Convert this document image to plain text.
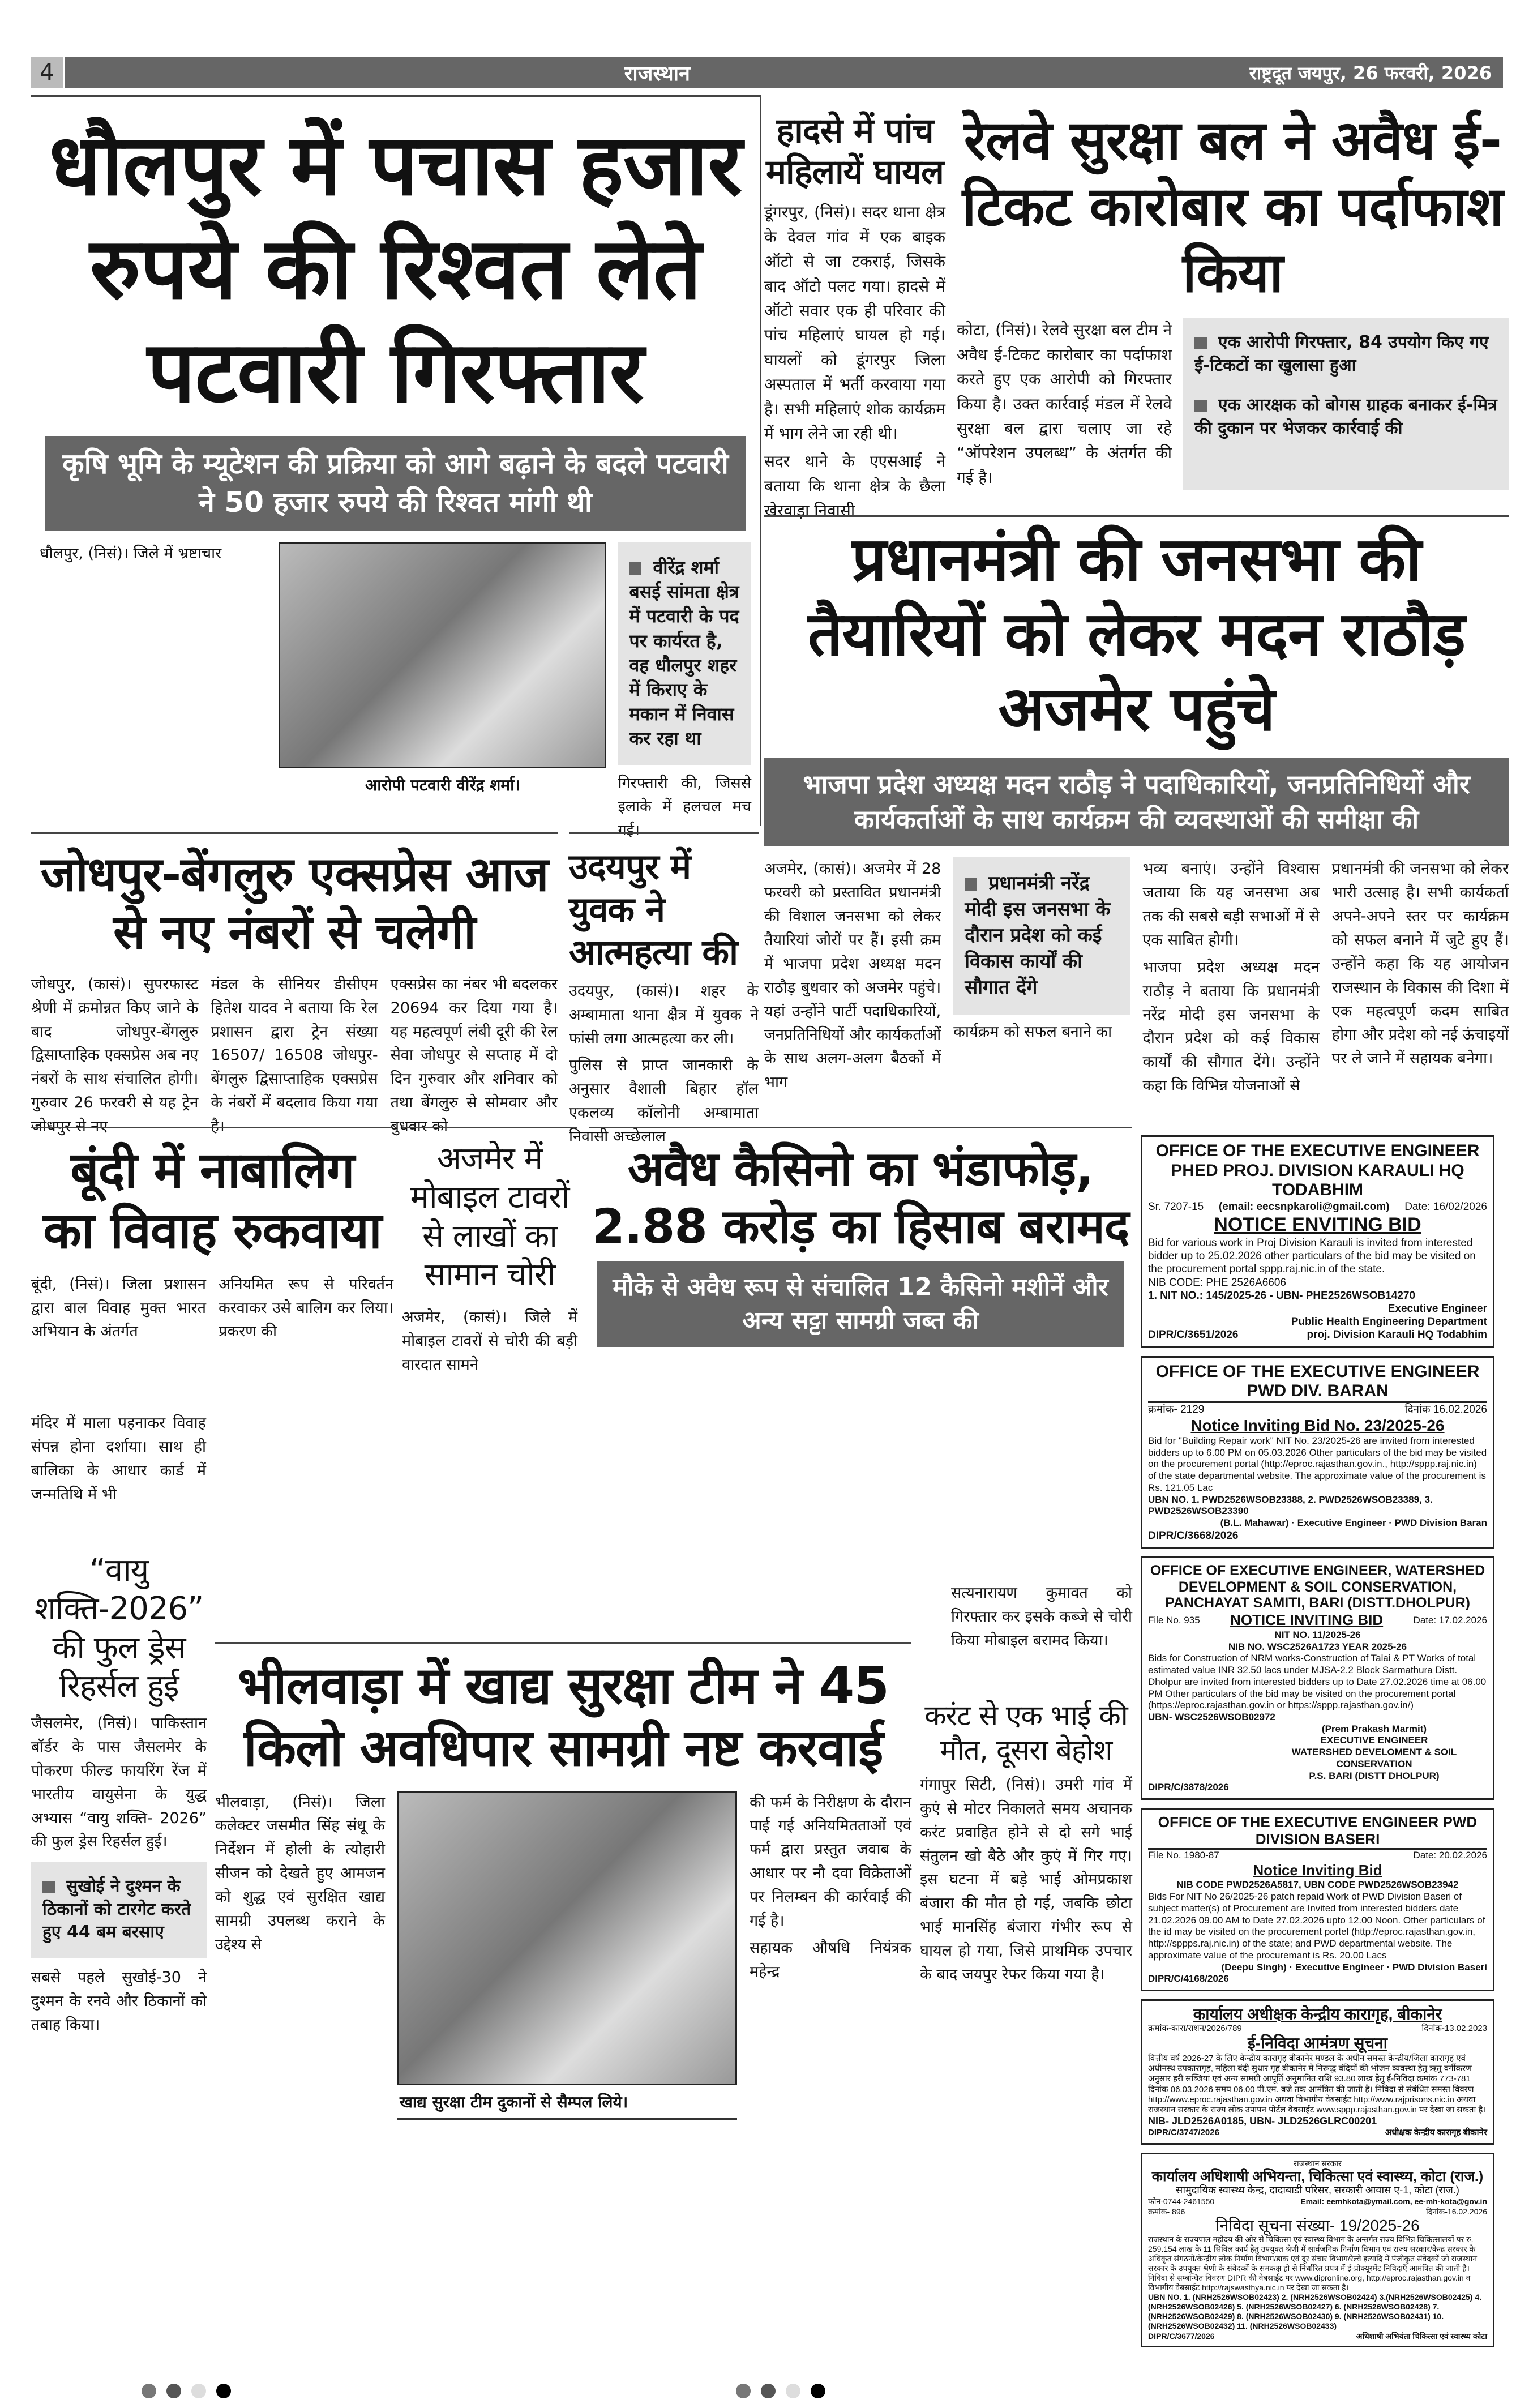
4	राजस्थान	राष्ट्रदूत जयपुर, 26 फरवरी, 2026
धौलपुर में पचास हजार रुपये की रिश्वत लेते पटवारी गिरफ्तार
कृषि भूमि के म्यूटेशन की प्रक्रिया को आगे बढ़ाने के बदले पटवारी ने 50 हजार रुपये की रिश्वत मांगी थी

धौलपुर, (निसं)। जिले में भ्रष्टाचार

आरोपी पटवारी वीरेंद्र शर्मा।
वीरेंद्र शर्मा बसई सांमता क्षेत्र में पटवारी के पद पर कार्यरत है, वह धौलपुर शहर में किराए के मकान में निवास कर रहा था
गिरफ्तारी की, जिससे इलाके में हलचल मच गई।
हादसे में पांच महिलायें घायल

डूंगरपुर, (निसं)। सदर थाना क्षेत्र के देवल गांव में एक बाइक ऑटो से जा टकराई, जिसके बाद ऑटो पलट गया। हादसे में ऑटो सवार एक ही परिवार की पांच महिलाएं घायल हो गई। घायलों को डूंगरपुर जिला अस्पताल में भर्ती करवाया गया है। सभी महिलाएं शोक कार्यक्रम में भाग लेने जा रही थी।

सदर थाने के एएसआई ने बताया कि थाना क्षेत्र के छैला खेरवाड़ा निवासी

रेलवे सुरक्षा बल ने अवैध ई-टिकट कारोबार का पर्दाफाश किया
कोटा, (निसं)। रेलवे सुरक्षा बल टीम ने अवैध ई-टिकट कारोबार का पर्दाफाश करते हुए एक आरोपी को गिरफ्तार किया है। उक्त कार्रवाई मंडल में रेलवे सुरक्षा बल द्वारा चलाए जा रहे “ऑपरेशन उपलब्ध” के अंतर्गत की गई है।

एक आरोपी गिरफ्तार, 84 उपयोग किए गए ई-टिकटों का खुलासा हुआ

एक आरक्षक को बोगस ग्राहक बनाकर ई-मित्र की दुकान पर भेजकर कार्रवाई की

प्रधानमंत्री की जनसभा की तैयारियों को लेकर मदन राठौड़ अजमेर पहुंचे
भाजपा प्रदेश अध्यक्ष मदन राठौड़ ने पदाधिकारियों, जनप्रतिनिधियों और कार्यकर्ताओं के साथ कार्यक्रम की व्यवस्थाओं की समीक्षा की

अजमेर, (कासं)। अजमेर में 28 फरवरी को प्रस्तावित प्रधानमंत्री की विशाल जनसभा को लेकर तैयारियां जोरों पर हैं। इसी क्रम में भाजपा प्रदेश अध्यक्ष मदन राठौड़ बुधवार को अजमेर पहुंचे। यहां उन्होंने पार्टी पदाधिकारियों, जनप्रतिनिधियों और कार्यकर्ताओं के साथ अलग-अलग बैठकों में भाग

प्रधानमंत्री नरेंद्र मोदी इस जनसभा के दौरान प्रदेश को कई विकास कार्यों की सौगात देंगे
कार्यक्रम को सफल बनाने का

भव्य बनाएं। उन्होंने विश्वास जताया कि यह जनसभा अब तक की सबसे बड़ी सभाओं में से एक साबित होगी।

भाजपा प्रदेश अध्यक्ष मदन राठौड़ ने बताया कि प्रधानमंत्री नरेंद्र मोदी इस जनसभा के दौरान प्रदेश को कई विकास कार्यों की सौगात देंगे। उन्होंने कहा कि विभिन्न योजनाओं से

प्रधानमंत्री की जनसभा को लेकर भारी उत्साह है। सभी कार्यकर्ता अपने-अपने स्तर पर कार्यक्रम को सफल बनाने में जुटे हुए हैं। उन्होंने कहा कि यह आयोजन राजस्थान के विकास की दिशा में एक महत्वपूर्ण कदम साबित होगा और प्रदेश को नई ऊंचाइयों पर ले जाने में सहायक बनेगा।

जोधपुर-बेंगलुरु एक्सप्रेस आज से नए नंबरों से चलेगी
जोधपुर, (कासं)। सुपरफास्ट श्रेणी में क्रमोन्नत किए जाने के बाद जोधपुर-बेंगलुरु द्विसाप्ताहिक एक्सप्रेस अब नए नंबरों के साथ संचालित होगी। गुरुवार 26 फरवरी से यह ट्रेन जोधपुर से नए
मंडल के सीनियर डीसीएम हितेश यादव ने बताया कि रेल प्रशासन द्वारा ट्रेन संख्या 16507/ 16508 जोधपुर-बेंगलुरु द्विसाप्ताहिक एक्सप्रेस के नंबरों में बदलाव किया गया है।
एक्सप्रेस का नंबर भी बदलकर 20694 कर दिया गया है। यह महत्वपूर्ण लंबी दूरी की रेल सेवा जोधपुर से सप्ताह में दो दिन गुरुवार और शनिवार को तथा बेंगलुरु से सोमवार और बुधवार को
उदयपुर में युवक ने आत्महत्या की

उदयपुर, (कासं)। शहर के अम्बामाता थाना क्षैत्र में युवक ने फांसी लगा आत्महत्या कर ली।

पुलिस से प्राप्त जानकारी के अनुसार वैशाली बिहार हॉल एकलव्य कॉलोनी अम्बामाता निवासी अच्छेलाल

बूंदी में नाबालिग का विवाह रुकवाया

बूंदी, (निसं)। जिला प्रशासन द्वारा बाल विवाह मुक्त भारत अभियान के अंतर्गत

मंदिर में माला पहनाकर विवाह संपन्न होना दर्शाया। साथ ही बालिका के आधार कार्ड में जन्मतिथि में भी

अनियमित रूप से परिवर्तन करवाकर उसे बालिग कर लिया। प्रकरण की
अजमेर में मोबाइल टावरों से लाखों का सामान चोरी
अजमेर, (कासं)। जिले में मोबाइल टावरों से चोरी की बड़ी वारदात सामने
अवैध कैसिनो का भंडाफोड़, 2.88 करोड़ का हिसाब बरामद
मौके से अवैध रूप से संचालित 12 कैसिनो मशीनें और अन्य सट्टा सामग्री जब्त की
सत्यनारायण कुमावत को गिरफ्तार कर इसके कब्जे से चोरी किया मोबाइल बरामद किया।
“वायु शक्ति-2026” की फुल ड्रेस रिहर्सल हुई
जैसलमेर, (निसं)। पाकिस्तान बॉर्डर के पास जैसलमेर के पोकरण फील्ड फायरिंग रेंज में भारतीय वायुसेना के युद्ध अभ्यास “वायु शक्ति- 2026” की फुल ड्रेस रिहर्सल हुई।
सुखोई ने दुश्मन के ठिकानों को टारगेट करते हुए 44 बम बरसाए
सबसे पहले सुखोई-30 ने दुश्मन के रनवे और ठिकानों को तबाह किया।
भीलवाड़ा में खाद्य सुरक्षा टीम ने 45 किलो अवधिपार सामग्री नष्ट करवाई
भीलवाड़ा, (निसं)। जिला कलेक्टर जसमीत सिंह संधू के निर्देशन में होली के त्योहारी सीजन को देखते हुए आमजन को शुद्ध एवं सुरक्षित खाद्य सामग्री उपलब्ध कराने के उद्देश्य से
खाद्य सुरक्षा टीम दुकानों से सैम्पल लिये।

की फर्म के निरीक्षण के दौरान पाई गई अनियमितताओं एवं फर्म द्वारा प्रस्तुत जवाब के आधार पर नौ दवा विक्रेताओं पर निलम्बन की कार्रवाई की गई है।

सहायक औषधि नियंत्रक महेन्द्र

करंट से एक भाई की मौत, दूसरा बेहोश
गंगापुर सिटी, (निसं)। उमरी गांव में कुएं से मोटर निकालते समय अचानक करंट प्रवाहित होने से दो सगे भाई संतुलन खो बैठे और कुएं में गिर गए। इस घटना में बड़े भाई ओमप्रकाश बंजारा की मौत हो गई, जबकि छोटा भाई मानसिंह बंजारा गंभीर रूप से घायल हो गया, जिसे प्राथमिक उपचार के बाद जयपुर रेफर किया गया है।
OFFICE OF THE EXECUTIVE ENGINEER PHED PROJ. DIVISION KARAULI HQ TODABHIM
Sr. 7207-15 (email: eecsnpkaroli@gmail.com) Date: 16/02/2026
NOTICE ENVITING BID
Bid for various work in Proj Division Karauli is invited from interested bidder up to 25.02.2026 other particulars of the bid may be visited on the procurement portal sppp.raj.nic.in of the state.
NIB CODE: PHE 2526A6606
1. NIT NO.: 145/2025-26 - UBN- PHE2526WSOB14270
Executive Engineer
Public Health Engineering Department
DIPR/C/3651/2026	proj. Division Karauli HQ Todabhim
OFFICE OF THE EXECUTIVE ENGINEER PWD DIV. BARAN
क्रमांक- 2129	दिनांक 16.02.2026
Notice Inviting Bid No. 23/2025-26
Bid for "Building Repair work" NIT No. 23/2025-26 are invited from interested bidders up to 6.00 PM on 05.03.2026 Other particulars of the bid may be visited on the procurement portal (http://eproc.rajasthan.gov.in., http://sppp.raj.nic.in) of the state departmental website. The approximate value of the procurement is Rs. 121.05 Lac
UBN NO. 1. PWD2526WSOB23388, 2. PWD2526WSOB23389, 3. PWD2526WSOB23390
(B.L. Mahawar) · Executive Engineer · PWD Division Baran
DIPR/C/3668/2026
OFFICE OF EXECUTIVE ENGINEER, WATERSHED DEVELOPMENT & SOIL CONSERVATION, PANCHAYAT SAMITI, BARI (DISTT.DHOLPUR)
File No. 935 NOTICE INVITING BID	Date: 17.02.2026
NIT NO. 11/2025-26
NIB NO. WSC2526A1723 YEAR 2025-26
Bids for Construction of NRM works-Construction of Talai & PT Works of total estimated value INR 32.50 lacs under MJSA-2.2 Block Sarmathura Distt. Dholpur are invited from interested bidders up to Date 27.02.2026 time at 06.00 PM Other particulars of the bid may be visited on the procurement portal (https://eproc.rajasthan.gov.in or https://sppp.rajasthan.gov.in/)
UBN- WSC2526WSOB02972
(Prem Prakash Marmit)
EXECUTIVE ENGINEER
WATERSHED DEVELOMENT & SOIL CONSERVATION
P.S. BARI (DISTT DHOLPUR)
DIPR/C/3878/2026
OFFICE OF THE EXECUTIVE ENGINEER PWD DIVISION BASERI
File No. 1980-87	Date: 20.02.2026
Notice Inviting Bid
NIB CODE PWD2526A5817, UBN CODE PWD2526WSOB23942
Bids For NIT No 26/2025-26 patch repaid Work of PWD Division Baseri of subject matter(s) of Procurement are Invited from interested bidders date 21.02.2026 09.00 AM to Date 27.02.2026 upto 12.00 Noon. Other particulars of the id may be visited on the procurement portel (http://eproc.rajasthan.gov.in, http://sppps.raj.nic.in) of the state; and PWD departmental website. The approximate value of the procuremant is Rs. 20.00 Lacs
(Deepu Singh) · Executive Engineer · PWD Division Baseri
DIPR/C/4168/2026
कार्यालय अधीक्षक केन्द्रीय कारागृह, बीकानेर
क्रमांक-कारा/राशन/2026/789	दिनांक-13.02.2023
ई-निविदा आमंत्रण सूचना
वित्तीय वर्ष 2026-27 के लिए केन्द्रीय कारागृह बीकानेर मण्डल के अधीन समस्त केन्द्रीय/जिला कारागृह एवं अधीनस्थ उपकारागृह, महिला बंदी सुधार गृह बीकानेर में निरूद्ध बंदियों की भोजन व्यवस्था हेतु ऋतु वर्गीकरण अनुसार हरी सब्जियां एवं अन्य सामग्री आपूर्ति अनुमानित राशि 93.80 लाख हेतु ई-निविदा क्रमांक 773-781 दिनांक 06.03.2026 समय 06.00 पी.एम. बजे तक आमंत्रित की जाती है। निविदा से संबंधित समस्त विवरण http://www.eproc.rajasthan.gov.in अथवा विभागीय वेबसाईट http://www.rajprisons.nic.in अथवा राजस्थान सरकार के राज्य लोक उपापन पोर्टल वेबसाईट www.sppp.rajasthan.gov.in पर देखा जा सकता है।
NIB- JLD2526A0185, UBN- JLD2526GLRC00201
DIPR/C/3747/2026	अधीक्षक केन्द्रीय कारागृह बीकानेर
राजस्थान सरकार
कार्यालय अधिशाषी अभियन्ता, चिकित्सा एवं स्वास्थ्य, कोटा (राज.)
सामुदायिक स्वास्थ्य केन्द्र, दादाबाडी परिसर, सरकारी आवास ए-1, कोटा (राज.)
फोन-0744-2461550	Email: eemhkota@ymail.com, ee-mh-kota@gov.in
क्रमांक- 896	दिनांक-16.02.2026
निविदा सूचना संख्या- 19/2025-26
राजस्थान के राज्यपाल महोदय की ओर से चिकित्सा एवं स्वास्थ्य विभाग के अन्तर्गत राज्य विभिन्न चिकित्सालयों पर रु. 259.154 लाख के 11 सिविल कार्य हेतु उपयुक्त श्रेणी में सार्वजनिक निर्माण विभाग एवं राज्य सरकार/केन्द्र सरकार के अधिकृत संगठनों/केन्द्रीय लोक निर्माण विभाग/डाक एवं दूर संचार विभाग/रेल्वे इत्यादि में पंजीकृत संवेदकों जो राजस्थान सरकार के उपयुक्त श्रेणी के संवेदकों के समकक्ष हो से निर्धारित प्रपत्र में ई-प्रोक्यूरमेंट निविदाएँ आमंत्रित की जाती है। निविदा से सम्बन्धित विवरण DIPR की वेबसाईट पर www.dipronline.org, http://eproc.rajasthan.gov.in व विभागीय वेबसाईट http://rajswasthya.nic.in पर देखा जा सकता है।
UBN NO. 1. (NRH2526WSOB02423) 2. (NRH2526WSOB02424) 3.(NRH2526WSOB02425) 4. (NRH2526WSOB02426) 5. (NRH2526WSOB02427) 6. (NRH2526WSOB02428) 7. (NRH2526WSOB02429) 8. (NRH2526WSOB02430) 9. (NRH2526WSOB02431) 10. (NRH2526WSOB02432) 11. (NRH2526WSOB02433)
DIPR/C/3677/2026	अधिशाषी अभियंता चिकित्सा एवं स्वास्थ्य कोटा
